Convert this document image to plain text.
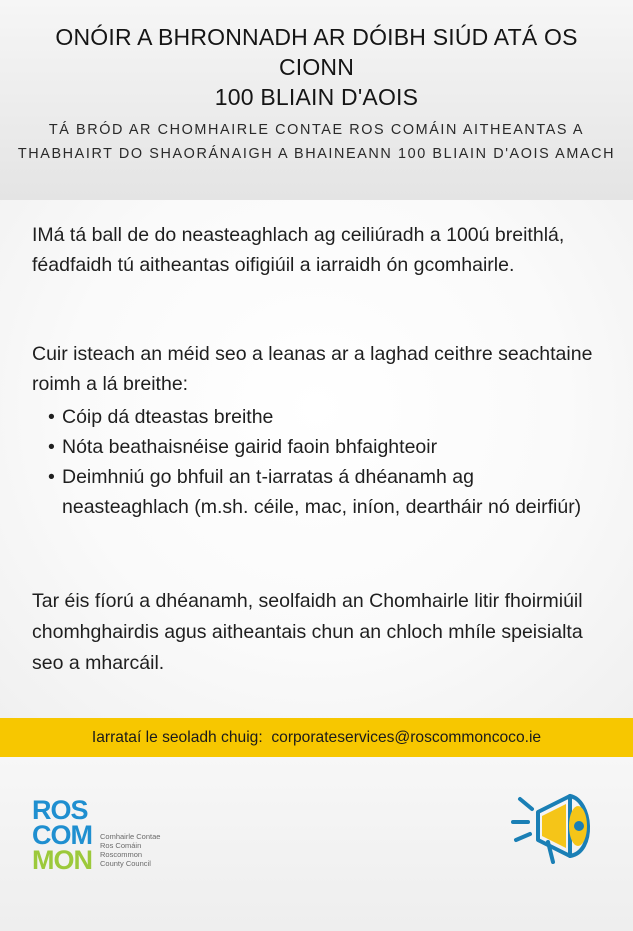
ONÓIR A BHRONNADH AR DÓIBH SIÚD ATÁ OS CIONN
100 BLIAIN D'AOIS
TÁ BRÓD AR CHOMHAIRLE CONTAE ROS COMÁIN AITHEANTAS A
THABHAIRT DO SHAORÁNAIGH A BHAINEANN 100 BLIAIN D'AOIS AMACH
IMá tá ball de do neasteaghlach ag ceiliúradh a 100ú breithlá,
féadfaidh tú aitheantas oifigiúil a iarraidh ón gcomhairle.
Cuir isteach an méid seo a leanas ar a laghad ceithre seachtaine
roimh a lá breithe:
• Cóip dá dteastas breithe
• Nóta beathaisnéise gairid faoin bhfaighteoir
• Deimhniú go bhfuil an t-iarratas á dhéanamh ag
neasteaghlach (m.sh. céile, mac, iníon, deartháir nó deirfiúr)
Tar éis fíorú a dhéanamh, seolfaidh an Chomhairle litir fhoirmiúil
chomhghairdis agus aitheantais chun an chloch mhíle speisialta
seo a mharcáil.
Iarrataí le seoladh chuig: corporateservices@roscommoncoco.ie
ROS
COM
MON
Comhairle Contae
Ros Comáin
Roscommon
County Council
